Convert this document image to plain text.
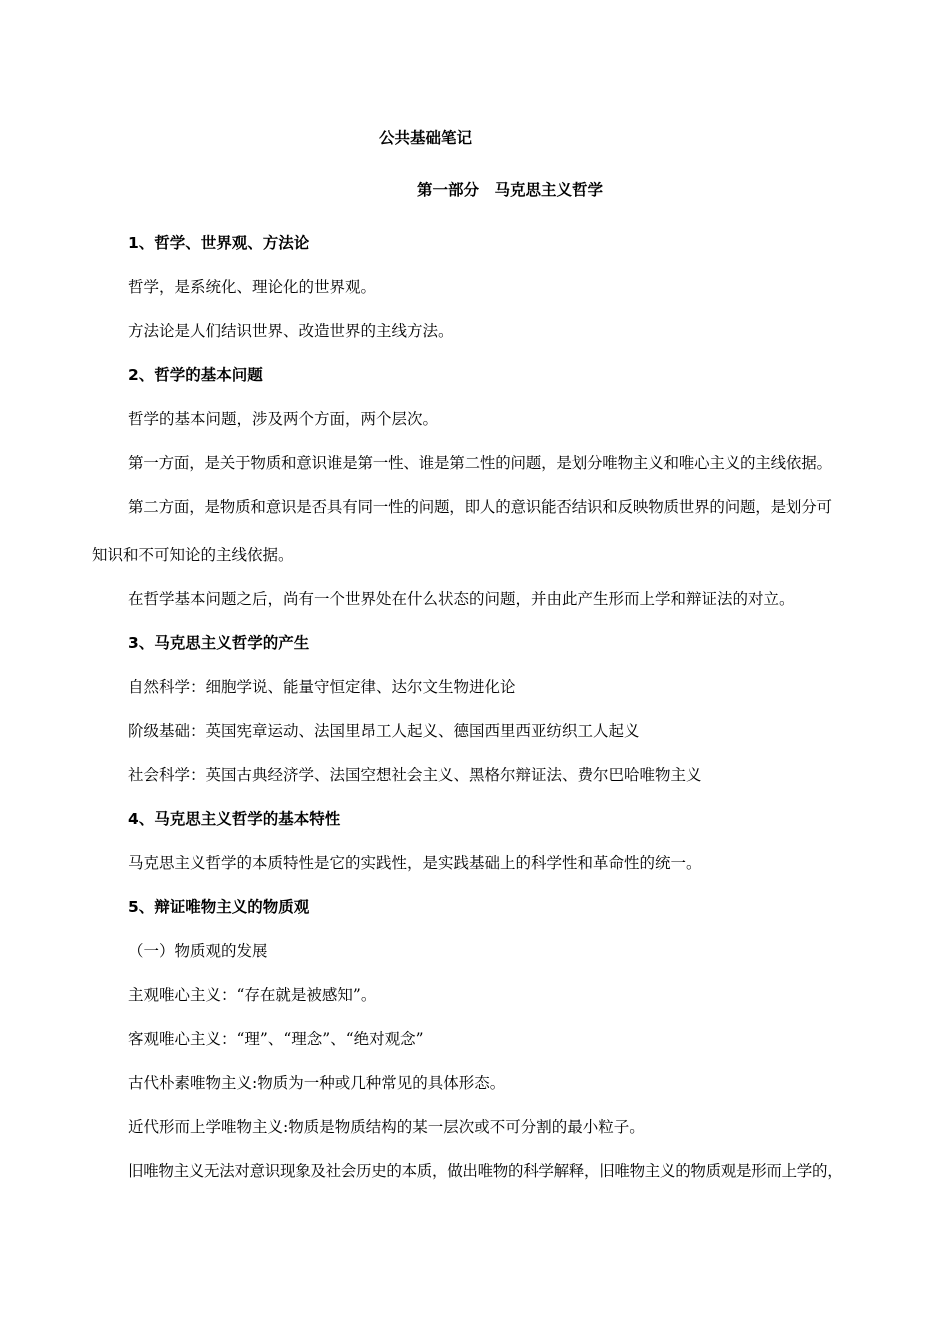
公共基础笔记
第一部分　马克思主义哲学
1、哲学、世界观、方法论
哲学，是系统化、理论化的世界观。
方法论是人们结识世界、改造世界的主线方法。
2、哲学的基本问题
哲学的基本问题，涉及两个方面，两个层次。
第一方面，是关于物质和意识谁是第一性、谁是第二性的问题，是划分唯物主义和唯心主义的主线依据。
第二方面，是物质和意识是否具有同一性的问题，即人的意识能否结识和反映物质世界的问题，是划分可
知识和不可知论的主线依据。
在哲学基本问题之后，尚有一个世界处在什么状态的问题，并由此产生形而上学和辩证法的对立。
3、马克思主义哲学的产生
自然科学：细胞学说、能量守恒定律、达尔文生物进化论
阶级基础：英国宪章运动、法国里昂工人起义、德国西里西亚纺织工人起义
社会科学：英国古典经济学、法国空想社会主义、黑格尔辩证法、费尔巴哈唯物主义
4、马克思主义哲学的基本特性
马克思主义哲学的本质特性是它的实践性，是实践基础上的科学性和革命性的统一。
5、辩证唯物主义的物质观
（一）物质观的发展
主观唯心主义：“存在就是被感知”。
客观唯心主义：“理”、“理念”、“绝对观念”
古代朴素唯物主义:物质为一种或几种常见的具体形态。
近代形而上学唯物主义:物质是物质结构的某一层次或不可分割的最小粒子。
旧唯物主义无法对意识现象及社会历史的本质，做出唯物的科学解释，旧唯物主义的物质观是形而上学的，
